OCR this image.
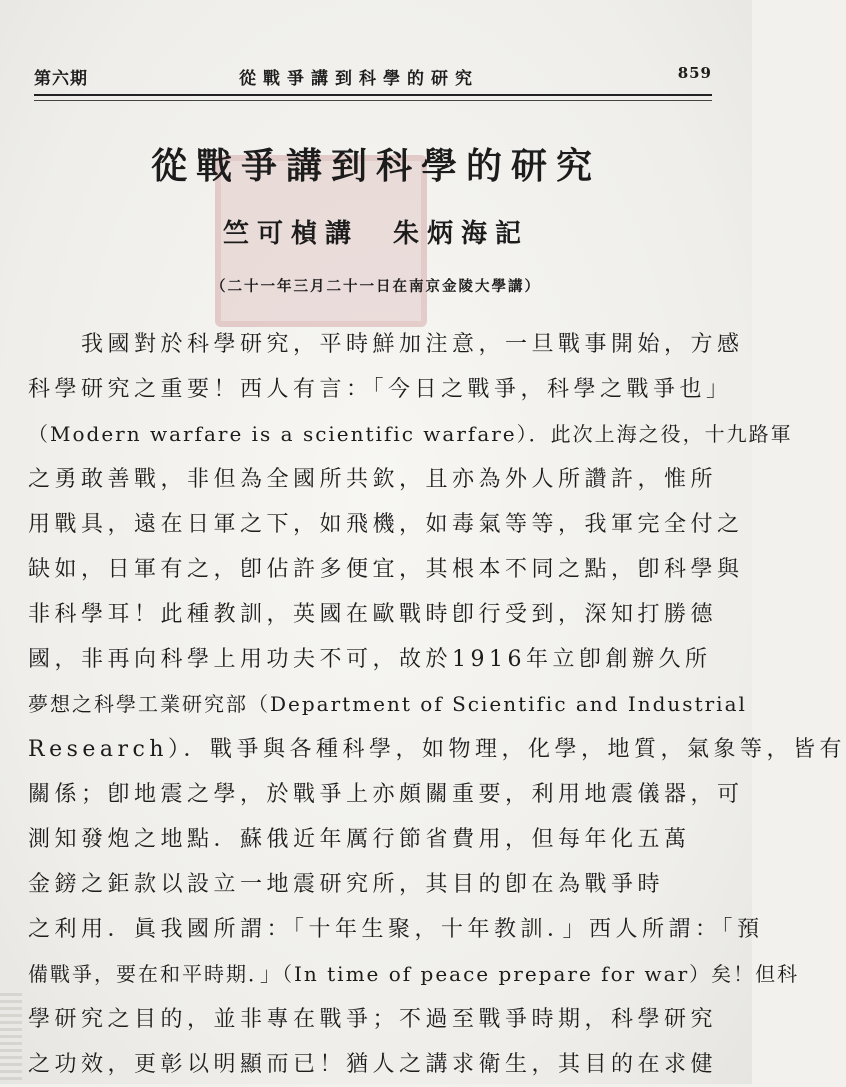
第六期	從戰爭講到科學的研究	859
從戰爭講到科學的研究
竺可楨講　朱炳海記
（二十一年三月二十一日在南京金陵大學講）
　　我國對於科學研究，平時鮮加注意，一旦戰事開始，方感
科學研究之重要！西人有言：「今日之戰爭，科學之戰爭也」
（Modern warfare is a scientific warfare）．此次上海之役，十九路軍
之勇敢善戰，非但為全國所共欽，且亦為外人所讚許，惟所
用戰具，遠在日軍之下，如飛機，如毒氣等等，我軍完全付之
缺如，日軍有之，卽佔許多便宜，其根本不同之點，卽科學與
非科學耳！此種教訓，英國在歐戰時卽行受到，深知打勝德
國，非再向科學上用功夫不可，故於1916年立卽創辦久所
夢想之科學工業研究部（Department of Scientific and Industrial
Research）．戰爭與各種科學，如物理，化學，地質，氣象等，皆有
關係；卽地震之學，於戰爭上亦頗關重要，利用地震儀器，可
測知發炮之地點．蘇俄近年厲行節省費用，但每年化五萬
金鎊之鉅款以設立一地震研究所，其目的卽在為戰爭時
之利用．眞我國所謂：「十年生聚，十年教訓．」西人所謂：「預
備戰爭，要在和平時期．」（In time of peace prepare for war）矣！但科
學研究之目的，並非專在戰爭；不過至戰爭時期，科學研究
之功效，更彰以明顯而已！猶人之講求衛生，其目的在求健
